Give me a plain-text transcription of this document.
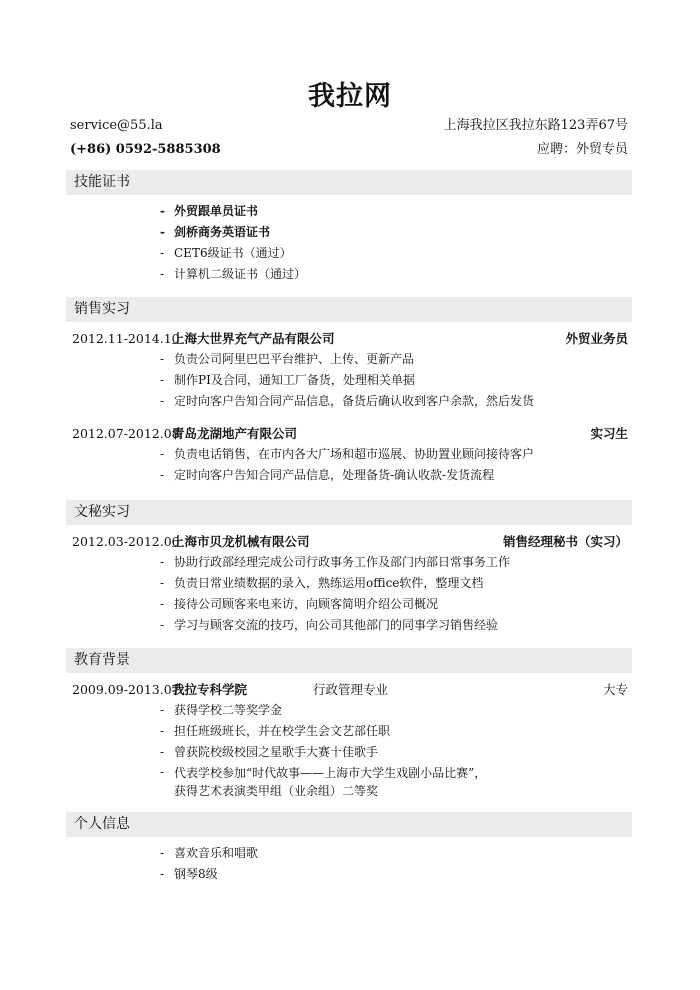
我拉网
service@55.la
(+86) 0592-5885308
上海我拉区我拉东路123弄67号
应聘：外贸专员
技能证书
- 外贸跟单员证书
- 剑桥商务英语证书
- CET6级证书（通过）
- 计算机二级证书（通过）
销售实习
2012.11-2014.10
上海大世界充气产品有限公司	外贸业务员
- 负责公司阿里巴巴平台维护、上传、更新产品
- 制作PI及合同，通知工厂备货，处理相关单据
- 定时向客户告知合同产品信息，备货后确认收到客户余款，然后发货
2012.07-2012.08
青岛龙湖地产有限公司	实习生
- 负责电话销售，在市内各大广场和超市巡展、协助置业顾问接待客户
- 定时向客户告知合同产品信息，处理备货-确认收款-发货流程
文秘实习
2012.03-2012.06
上海市贝龙机械有限公司	销售经理秘书（实习）
- 协助行政部经理完成公司行政事务工作及部门内部日常事务工作
- 负责日常业绩数据的录入，熟练运用office软件，整理文档
- 接待公司顾客来电来访，向顾客简明介绍公司概况
- 学习与顾客交流的技巧，向公司其他部门的同事学习销售经验
教育背景
2009.09-2013.07
我拉专科学院	行政管理专业	大专
- 获得学校二等奖学金
- 担任班级班长，并在校学生会文艺部任职
- 曾获院校级校园之星歌手大赛十佳歌手
- 代表学校参加“时代故事——上海市大学生戏剧小品比赛”，
获得艺术表演类甲组（业余组）二等奖
个人信息
- 喜欢音乐和唱歌
- 钢琴8级
